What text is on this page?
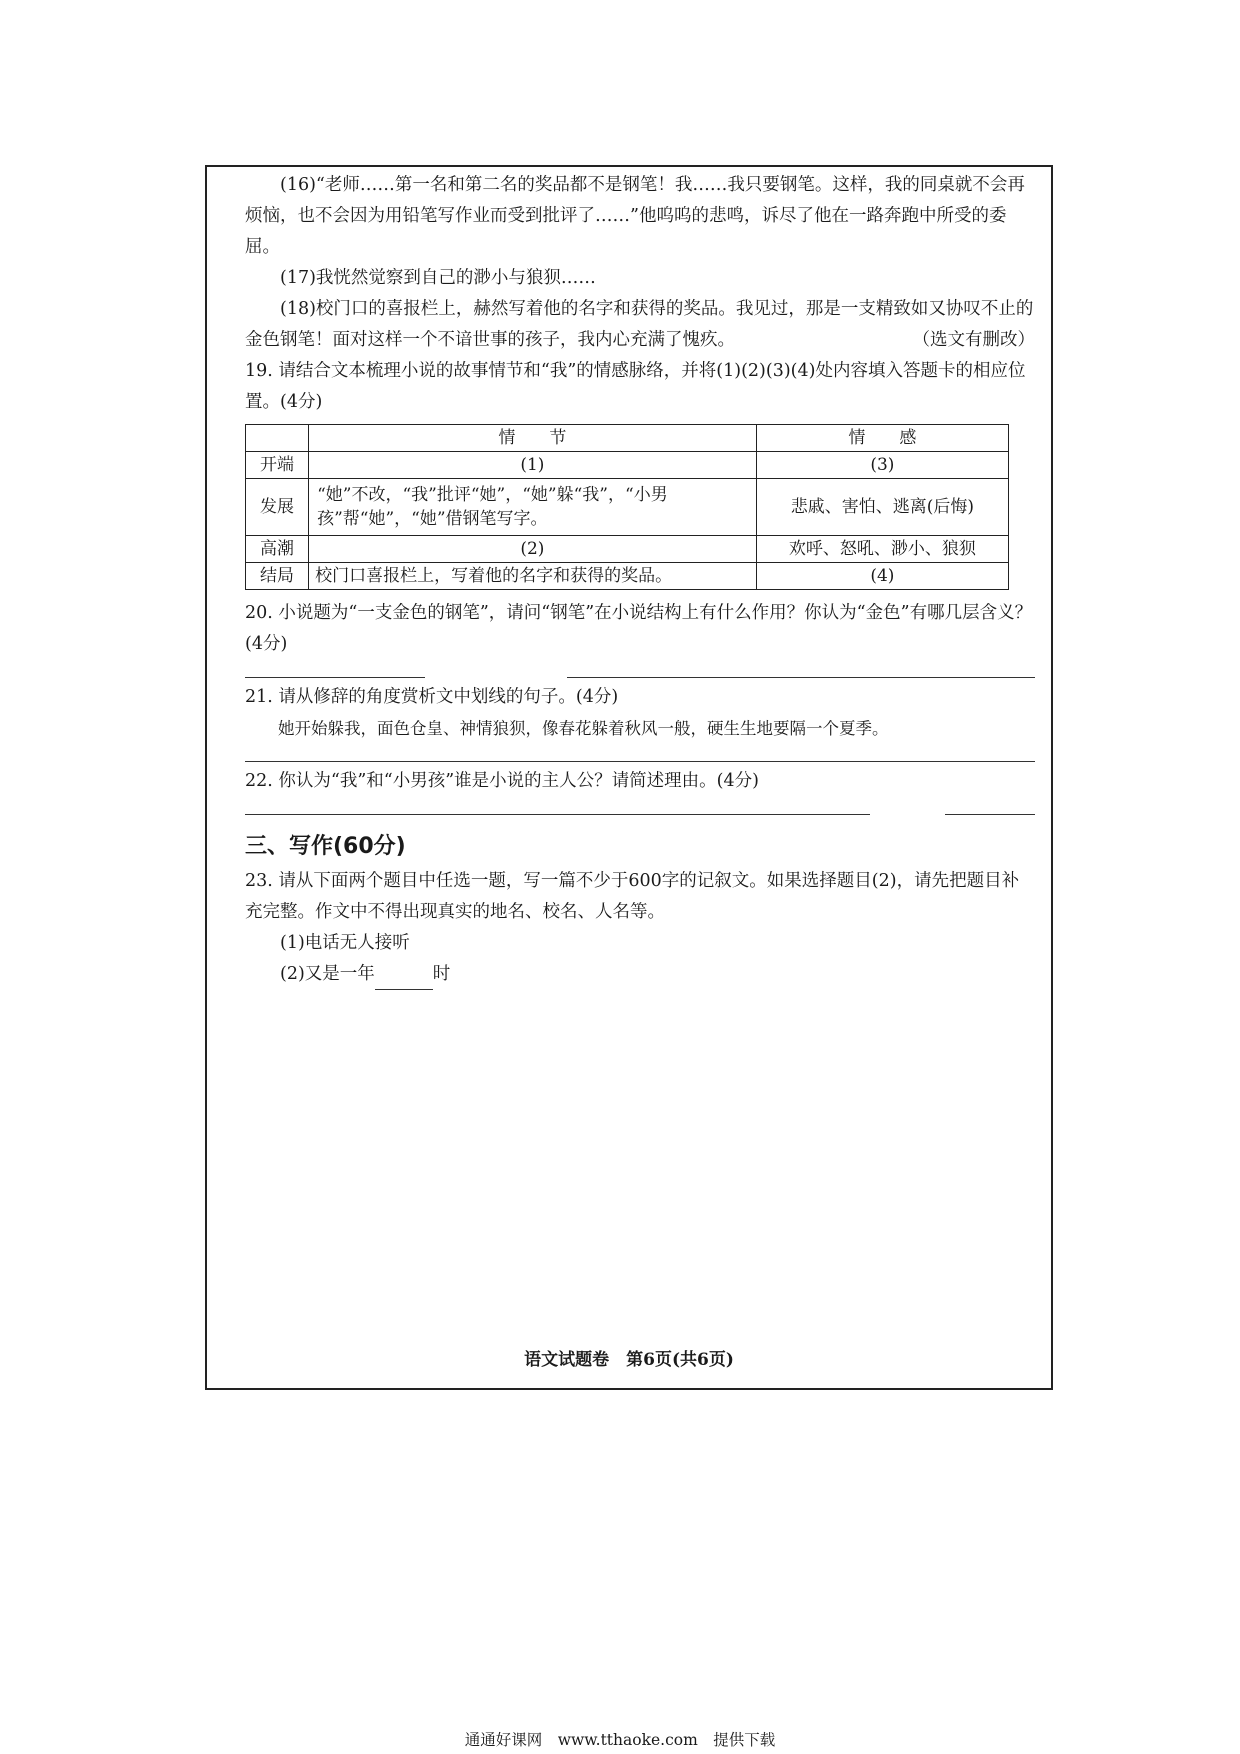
(16)“老师……第一名和第二名的奖品都不是钢笔！我……我只要钢笔。这样，我的同桌就不会再烦恼，也不会因为用铅笔写作业而受到批评了……”他呜呜的悲鸣，诉尽了他在一路奔跑中所受的委屈。

(17)我恍然觉察到自己的渺小与狼狈……

(18)校门口的喜报栏上，赫然写着他的名字和获得的奖品。我见过，那是一支精致如又协叹不止的金色钢笔！面对这样一个不谙世事的孩子，我内心充满了愧疚。	（选文有删改）

19. 请结合文本梳理小说的故事情节和“我”的情感脉络，并将(1)(2)(3)(4)处内容填入答题卡的相应位置。(4分)

	情　　节	情　　感
开端	(1)	(3)
发展	“她”不改，“我”批评“她”，“她”躲“我”，“小男孩”帮“她”，“她”借钢笔写字。	悲戚、害怕、逃离(后悔)
高潮	(2)	欢呼、怒吼、渺小、狼狈
结局	校门口喜报栏上，写着他的名字和获得的奖品。	(4)

20. 小说题为“一支金色的钢笔”，请问“钢笔”在小说结构上有什么作用？你认为“金色”有哪几层含义？(4分)

21. 请从修辞的角度赏析文中划线的句子。(4分)

她开始躲我，面色仓皇、神情狼狈，像春花躲着秋风一般，硬生生地要隔一个夏季。

22. 你认为“我”和“小男孩”谁是小说的主人公？请简述理由。(4分)

三、写作(60分)

23. 请从下面两个题目中任选一题，写一篇不少于600字的记叙文。如果选择题目(2)，请先把题目补充完整。作文中不得出现真实的地名、校名、人名等。

(1)电话无人接听

(2)又是一年	时

语文试题卷　第6页(共6页)
通通好课网　www.tthaoke.com　提供下载
